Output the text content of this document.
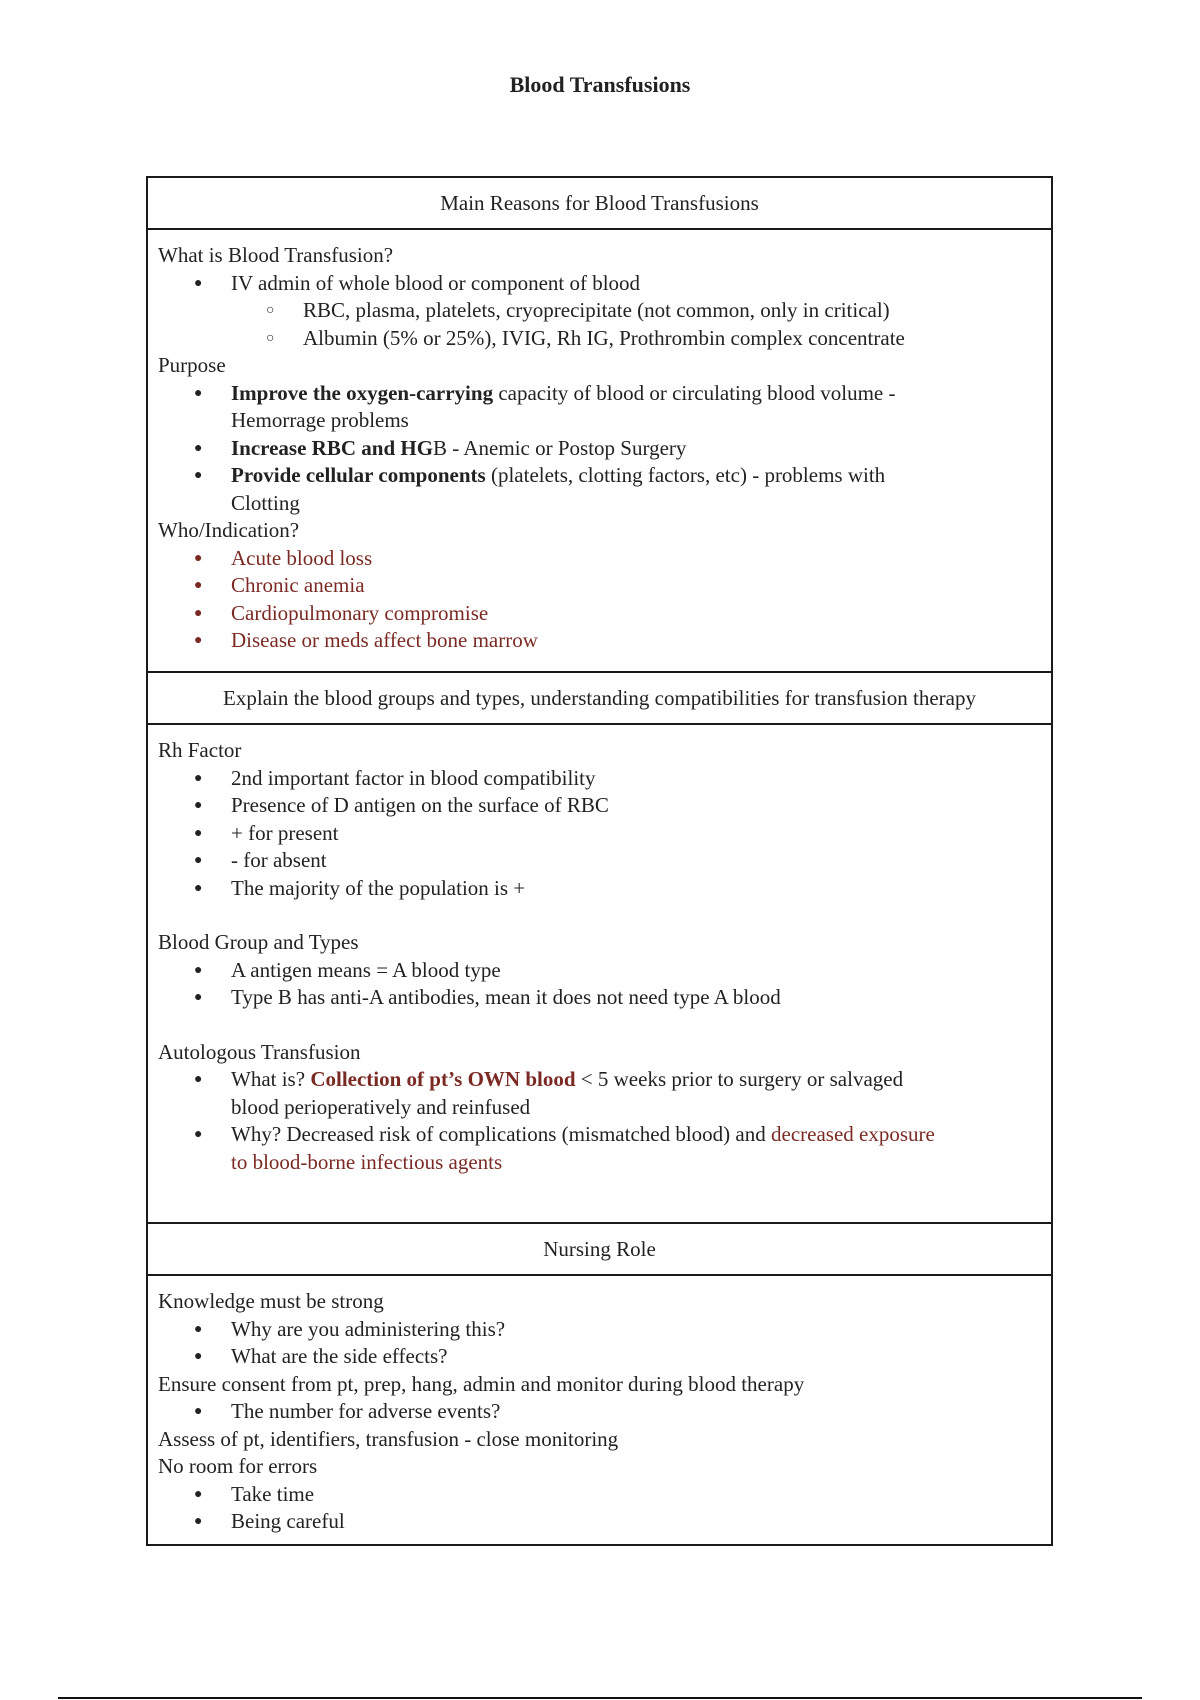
Blood Transfusions
Main Reasons for Blood Transfusions
What is Blood Transfusion?
● IV admin of whole blood or component of blood
○ RBC, plasma, platelets, cryoprecipitate (not common, only in critical)
○ Albumin (5% or 25%), IVIG, Rh IG, Prothrombin complex concentrate
Purpose
● Improve the oxygen-carrying capacity of blood or circulating blood volume -
Hemorrage problems
● Increase RBC and HGB - Anemic or Postop Surgery
● Provide cellular components (platelets, clotting factors, etc) - problems with
Clotting
Who/Indication?
● Acute blood loss
● Chronic anemia
● Cardiopulmonary compromise
● Disease or meds affect bone marrow
Explain the blood groups and types, understanding compatibilities for transfusion therapy
Rh Factor
● 2nd important factor in blood compatibility
● Presence of D antigen on the surface of RBC
● + for present
● - for absent
● The majority of the population is +
Blood Group and Types
● A antigen means = A blood type
● Type B has anti-A antibodies, mean it does not need type A blood
Autologous Transfusion
● What is? Collection of pt’s OWN blood < 5 weeks prior to surgery or salvaged
blood perioperatively and reinfused
● Why? Decreased risk of complications (mismatched blood) and decreased exposure
to blood-borne infectious agents
Nursing Role
Knowledge must be strong
● Why are you administering this?
● What are the side effects?
Ensure consent from pt, prep, hang, admin and monitor during blood therapy
● The number for adverse events?
Assess of pt, identifiers, transfusion - close monitoring
No room for errors
● Take time
● Being careful
